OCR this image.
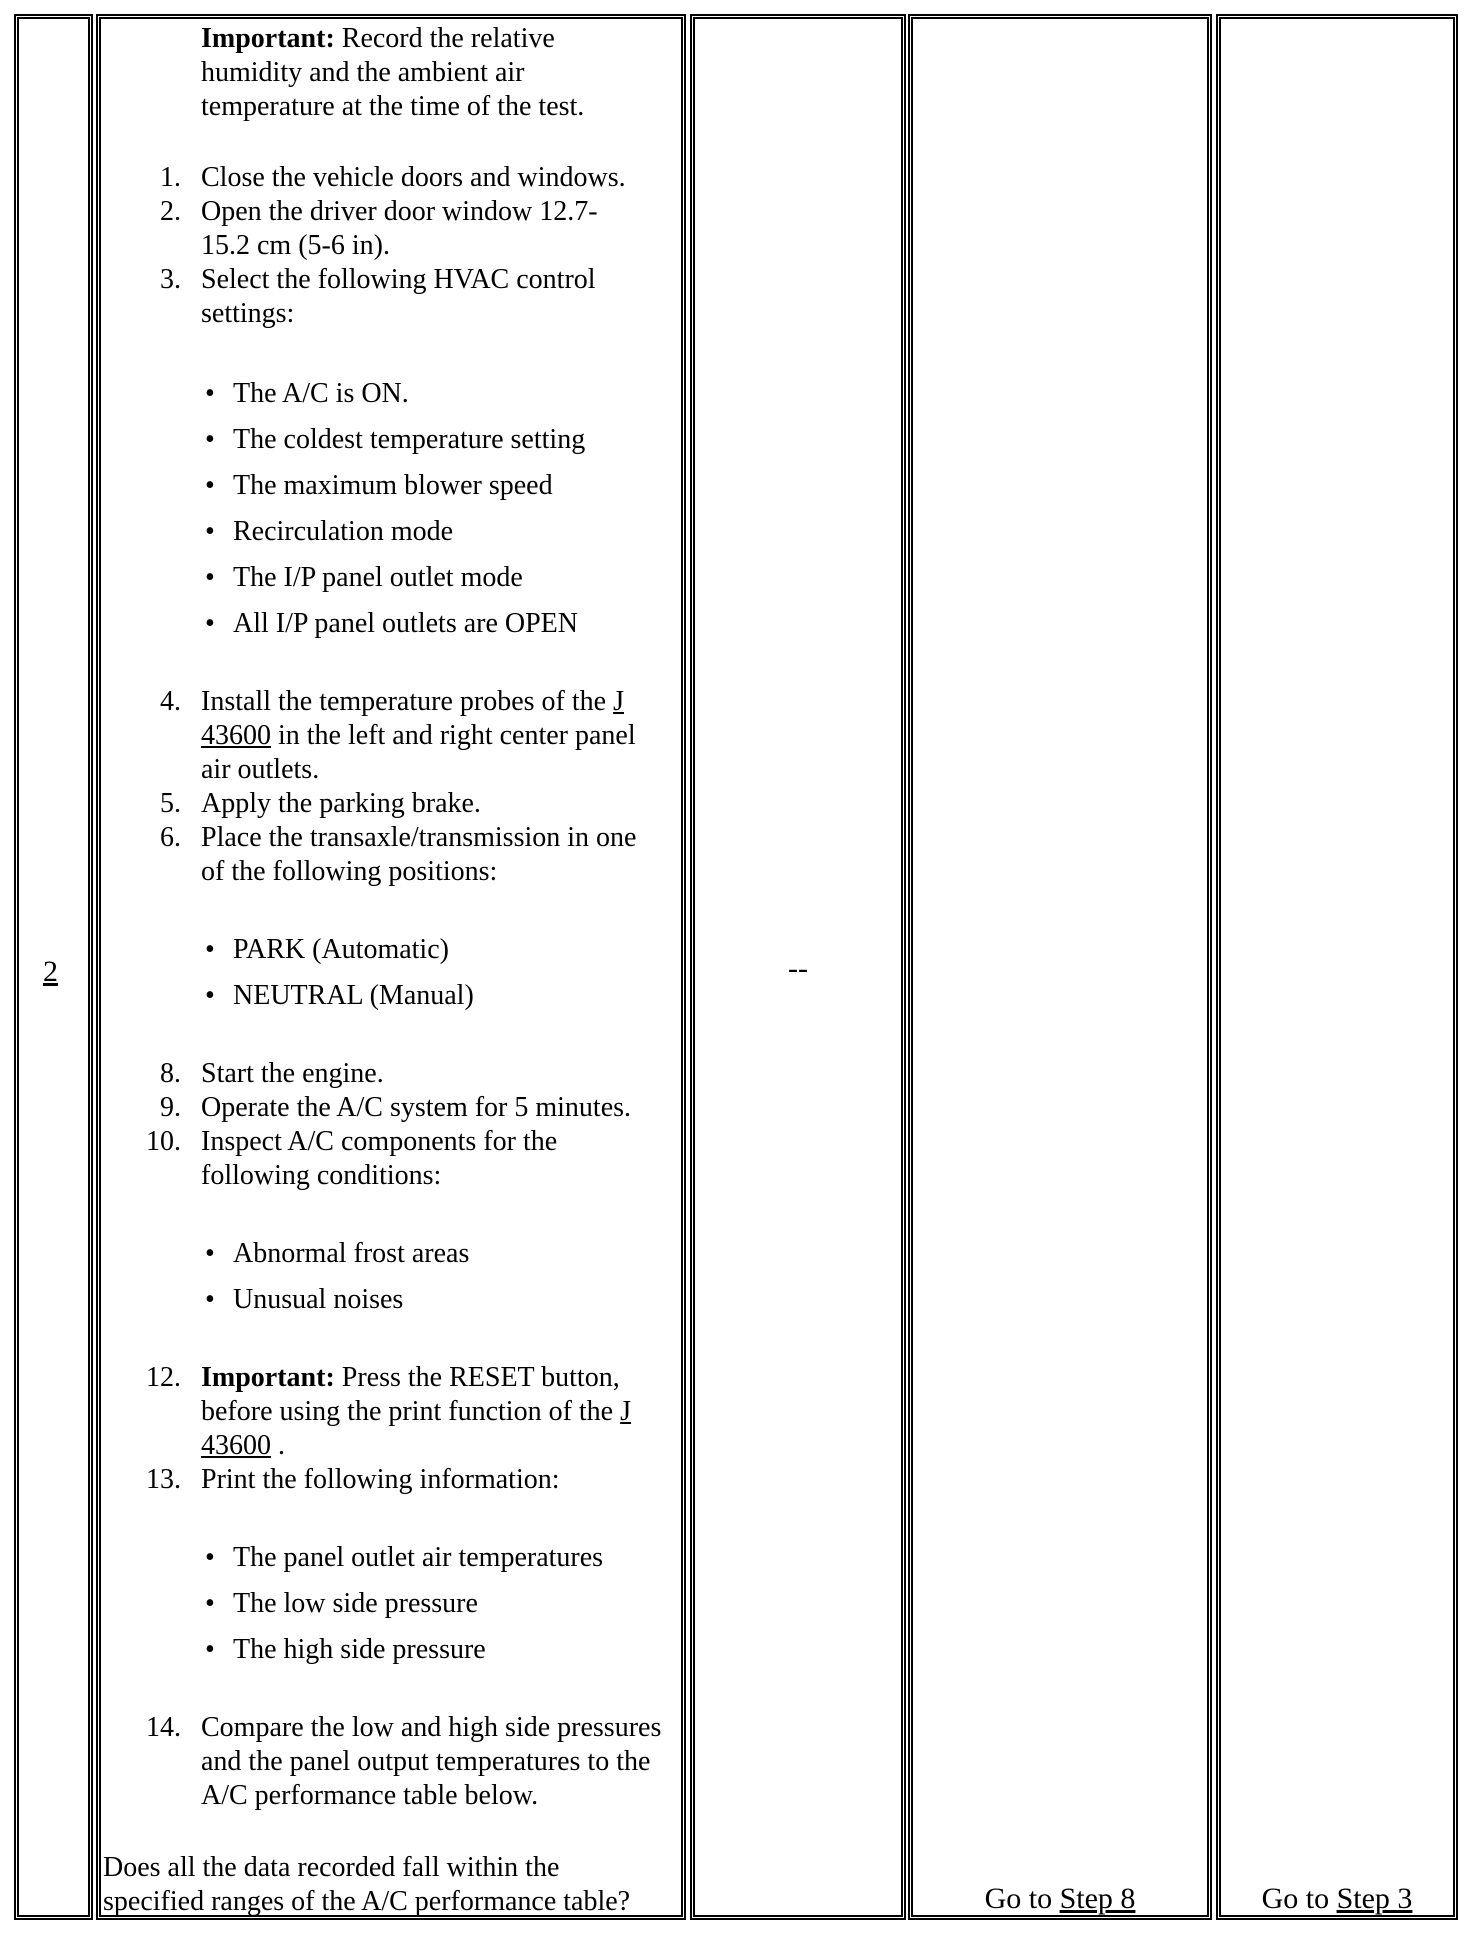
2
Important: Record the relative
humidity and the ambient air
temperature at the time of the test.
1. Close the vehicle doors and windows.
2. Open the driver door window 12.7-
15.2 cm (5-6 in).
3. Select the following HVAC control
settings:
• The A/C is ON.
• The coldest temperature setting
• The maximum blower speed
• Recirculation mode
• The I/P panel outlet mode
• All I/P panel outlets are OPEN
4. Install the temperature probes of the J
43600 in the left and right center panel
air outlets.
5. Apply the parking brake.
6. Place the transaxle/transmission in one
of the following positions:
• PARK (Automatic)
• NEUTRAL (Manual)
8. Start the engine.
9. Operate the A/C system for 5 minutes.
10. Inspect A/C components for the
following conditions:
• Abnormal frost areas
• Unusual noises
12. Important: Press the RESET button,
before using the print function of the J
43600 .
13. Print the following information:
• The panel outlet air temperatures
• The low side pressure
• The high side pressure
14. Compare the low and high side pressures
and the panel output temperatures to the
A/C performance table below.
Does all the data recorded fall within the
specified ranges of the A/C performance table?
--
Go to Step 8	Go to Step 3
